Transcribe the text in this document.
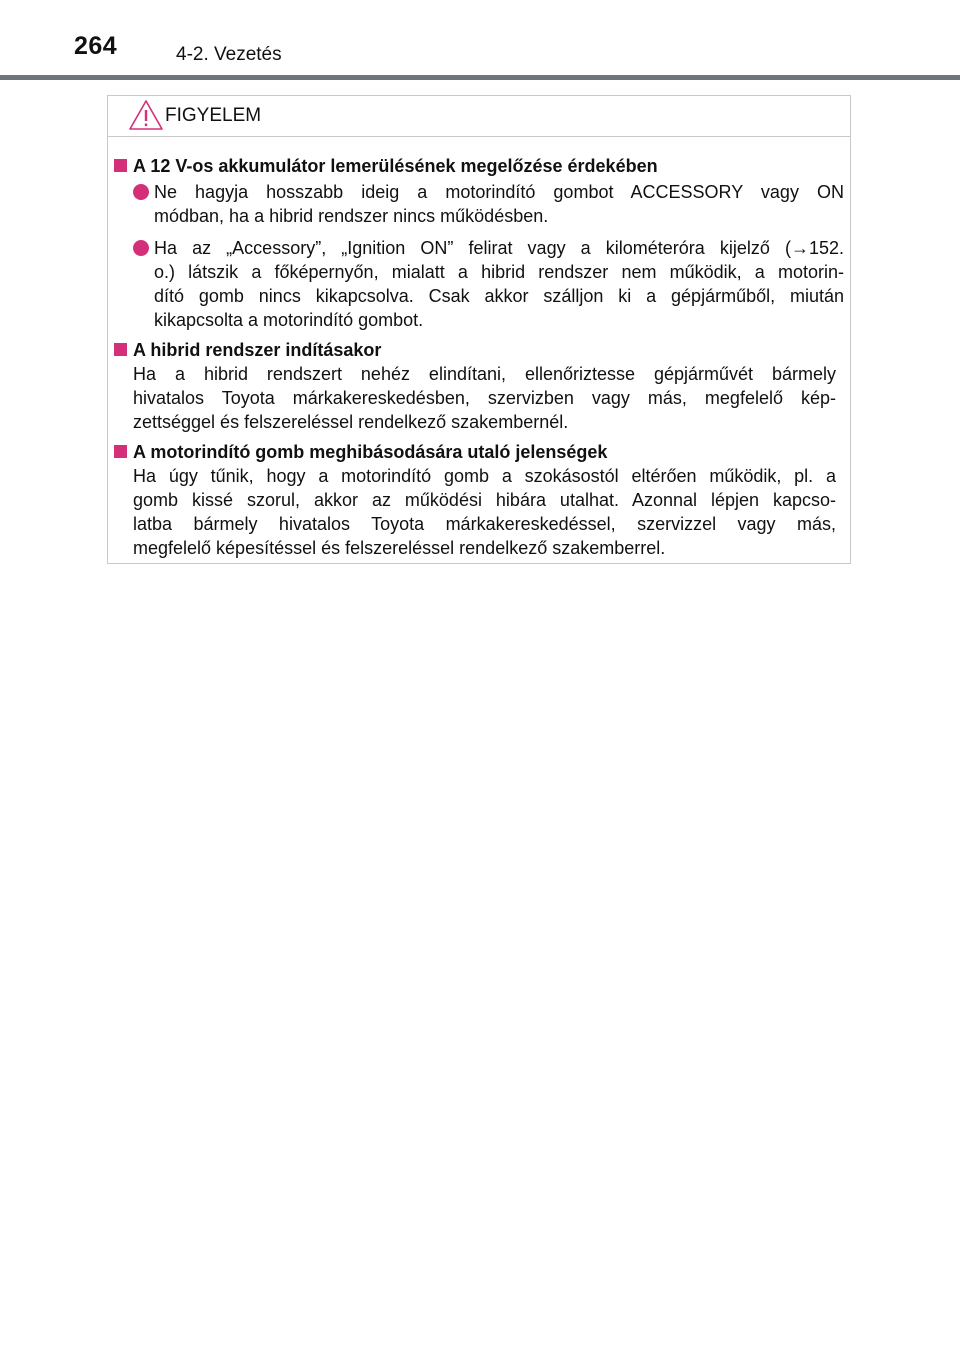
264	4-2. Vezetés
FIGYELEM
A 12 V-os akkumulátor lemerülésének megelőzése érdekében
Ne hagyja hosszabb ideig a motorindító gombot ACCESSORY vagy ON
módban, ha a hibrid rendszer nincs működésben.
Ha az „Accessory”, „Ignition ON” felirat vagy a kilométeróra kijelző (→152.
o.) látszik a főképernyőn, mialatt a hibrid rendszer nem működik, a motorin-
dító gomb nincs kikapcsolva. Csak akkor szálljon ki a gépjárműből, miután
kikapcsolta a motorindító gombot.
A hibrid rendszer indításakor
Ha a hibrid rendszert nehéz elindítani, ellenőriztesse gépjárművét bármely
hivatalos Toyota márkakereskedésben, szervizben vagy más, megfelelő kép-
zettséggel és felszereléssel rendelkező szakembernél.
A motorindító gomb meghibásodására utaló jelenségek
Ha úgy tűnik, hogy a motorindító gomb a szokásostól eltérően működik, pl. a
gomb kissé szorul, akkor az működési hibára utalhat. Azonnal lépjen kapcso-
latba bármely hivatalos Toyota márkakereskedéssel, szervizzel vagy más,
megfelelő képesítéssel és felszereléssel rendelkező szakemberrel.
